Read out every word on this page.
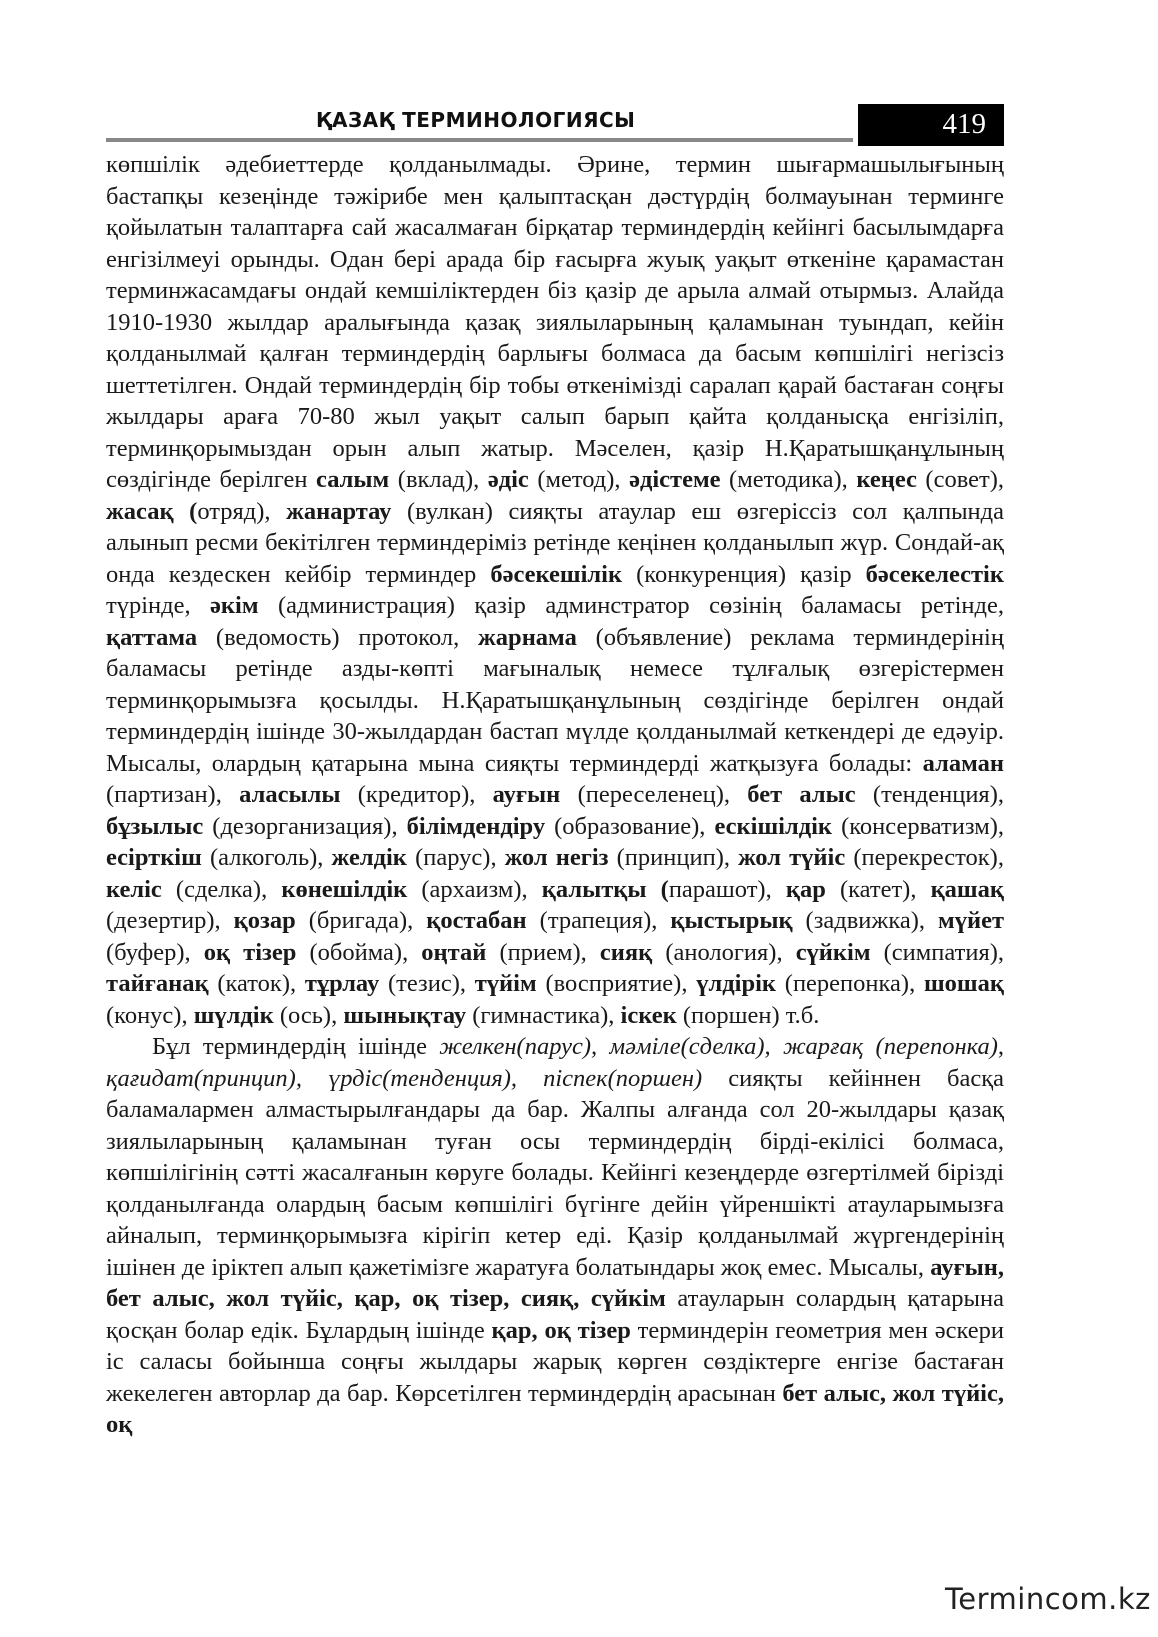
ҚАЗАҚ ТЕРМИНОЛОГИЯСЫ	419

көпшілік әдебиеттерде қолданылмады. Әрине, термин шығармашылығының бастапқы кезеңінде тәжірибе мен қалыптасқан дәстүрдің болмауынан терминге қойылатын талаптарға сай жасалмаған бірқатар терминдердің кейінгі басылымдарға енгізілмеуі орынды. Одан бері арада бір ғасырға жуық уақыт өткеніне қарамастан терминжасамдағы ондай кемшіліктерден біз қазір де арыла алмай отырмыз. Алайда 1910-1930 жылдар аралығында қазақ зиялыларының қаламынан туындап, кейін қолданылмай қалған терминдердің барлығы болмаса да басым көпшілігі негізсіз шеттетілген. Ондай терминдердің бір тобы өткенімізді саралап қарай бастаған соңғы жылдары араға 70-80 жыл уақыт салып барып қайта қолданысқа енгізіліп, терминқорымыздан орын алып жатыр. Мәселен, қазір Н.Қаратышқанұлының сөздігінде берілген салым (вклад), әдіс (метод), әдістеме (методика), кеңес (совет), жасақ (отряд), жанартау (вулкан) сияқты атаулар еш өзгеріссіз сол қалпында алынып ресми бекітілген терминдеріміз ретінде кеңінен қолданылып жүр. Сондай-ақ онда кездескен кейбір терминдер бәсекешілік (конкуренция) қазір бәсекелестік түрінде, әкім (администрация) қазір админстратор сөзінің баламасы ретінде, қаттама (ведомость) протокол, жарнама (объявление) реклама терминдерінің баламасы ретінде азды-көпті мағыналық немесе тұлғалық өзгерістермен терминқорымызға қосылды. Н.Қаратышқанұлының сөздігінде берілген ондай терминдердің ішінде 30-жылдардан бастап мүлде қолданылмай кеткендері де едәуір. Мысалы, олардың қатарына мына сияқты терминдерді жатқызуға болады: аламан (партизан), аласылы (кредитор), ауғын (переселенец), бет алыс (тенденция), бұзылыс (дезорганизация), білімдендіру (образование), ескішілдік (консерватизм), есірткіш (алкоголь), желдік (парус), жол негіз (принцип), жол түйіс (перекресток), келіс (сделка), көнешілдік (архаизм), қалытқы (парашот), қар (катет), қашақ (дезертир), қозар (бригада), қостабан (трапеция), қыстырық (задвижка), мүйет (буфер), оқ тізер (обойма), оңтай (прием), сияқ (анология), сүйкім (симпатия), тайғанақ (каток), тұрлау (тезис), түйім (восприятие), үлдірік (перепонка), шошақ (конус), шүлдік (ось), шынықтау (гимнастика), іскек (поршен) т.б.

Бұл терминдердің ішінде желкен(парус), мәміле(сделка), жарғақ (перепонка), қағидат(принцип), үрдіс(тенденция), піспек(поршен) сияқты кейіннен басқа баламалармен алмастырылғандары да бар. Жалпы алғанда сол 20-жылдары қазақ зиялыларының қаламынан туған осы терминдердің бірді-екілісі болмаса, көпшілігінің сәтті жасалғанын көруге болады. Кейінгі кезеңдерде өзгертілмей бірізді қолданылғанда олардың басым көпшілігі бүгінге дейін үйреншікті атауларымызға айналып, терминқорымызға кірігіп кетер еді. Қазір қолданылмай жүргендерінің ішінен де іріктеп алып қажетімізге жаратуға болатындары жоқ емес. Мысалы, ауғын, бет алыс, жол түйіс, қар, оқ тізер, сияқ, сүйкім атауларын солардың қатарына қосқан болар едік. Бұлардың ішінде қар, оқ тізер терминдерін геометрия мен әскери іс саласы бойынша соңғы жылдары жарық көрген сөздіктерге енгізе бастаған жекелеген авторлар да бар. Көрсетілген терминдердің арасынан бет алыс, жол түйіс, оқ

Termincom.kz
